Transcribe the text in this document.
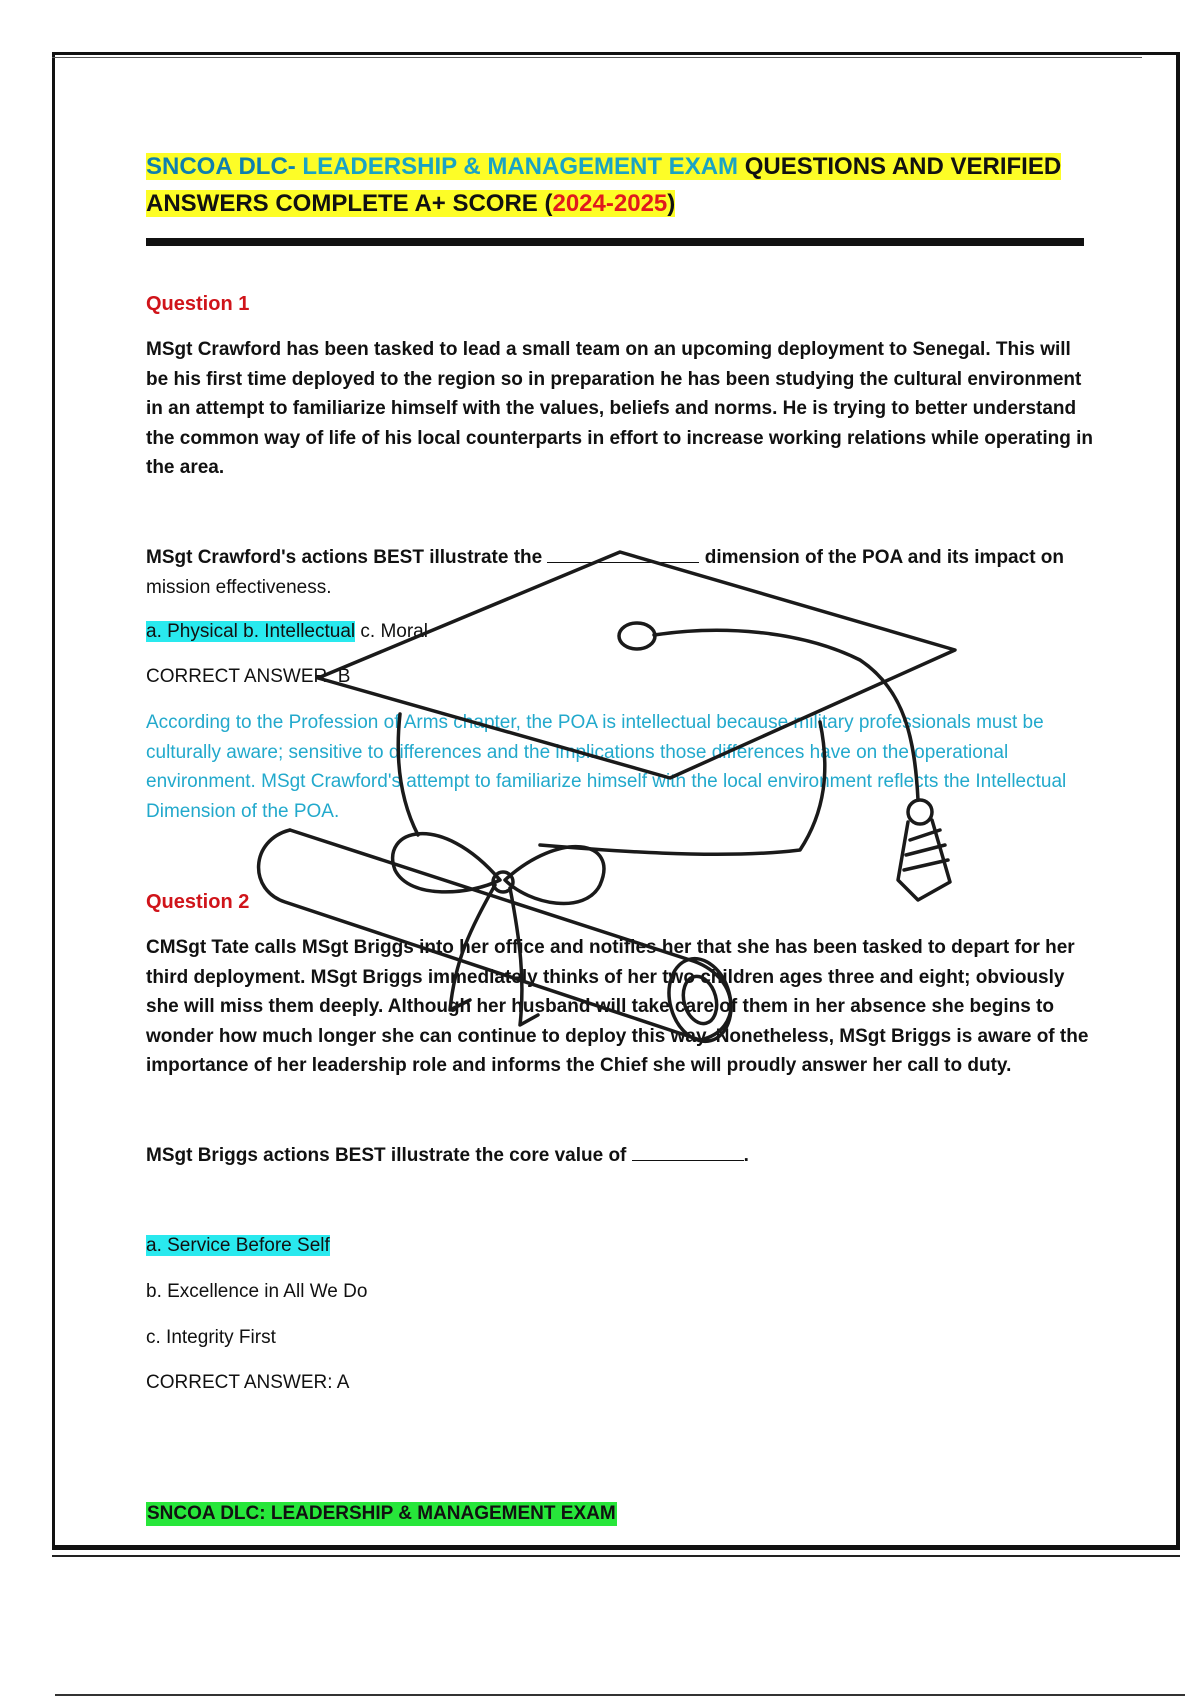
SNCOA DLC- LEADERSHIP & MANAGEMENT EXAM QUESTIONS AND VERIFIED
ANSWERS COMPLETE A+ SCORE (2024-2025)
Question 1
MSgt Crawford has been tasked to lead a small team on an upcoming deployment to Senegal. This will be his first time deployed to the region so in preparation he has been studying the cultural environment in an attempt to familiarize himself with the values, beliefs and norms. He is trying to better understand the common way of life of his local counterparts in effort to increase working relations while operating in the area.
MSgt Crawford's actions BEST illustrate the	dimension of the POA and its impact on
mission effectiveness.
a. Physical b. Intellectual c. Moral
CORRECT ANSWER: B
According to the Profession of Arms chapter, the POA is intellectual because military professionals must be culturally aware; sensitive to differences and the implications those differences have on the operational environment. MSgt Crawford's attempt to familiarize himself with the local environment reflects the Intellectual Dimension of the POA.
Question 2
CMSgt Tate calls MSgt Briggs into her office and notifies her that she has been tasked to depart for her third deployment. MSgt Briggs immediately thinks of her two children ages three and eight; obviously she will miss them deeply. Although her husband will take care of them in her absence she begins to wonder how much longer she can continue to deploy this way. Nonetheless, MSgt Briggs is aware of the importance of her leadership role and informs the Chief she will proudly answer her call to duty.
MSgt Briggs actions BEST illustrate the core value of	.
a. Service Before Self
b. Excellence in All We Do
c. Integrity First
CORRECT ANSWER: A
SNCOA DLC: LEADERSHIP & MANAGEMENT EXAM
